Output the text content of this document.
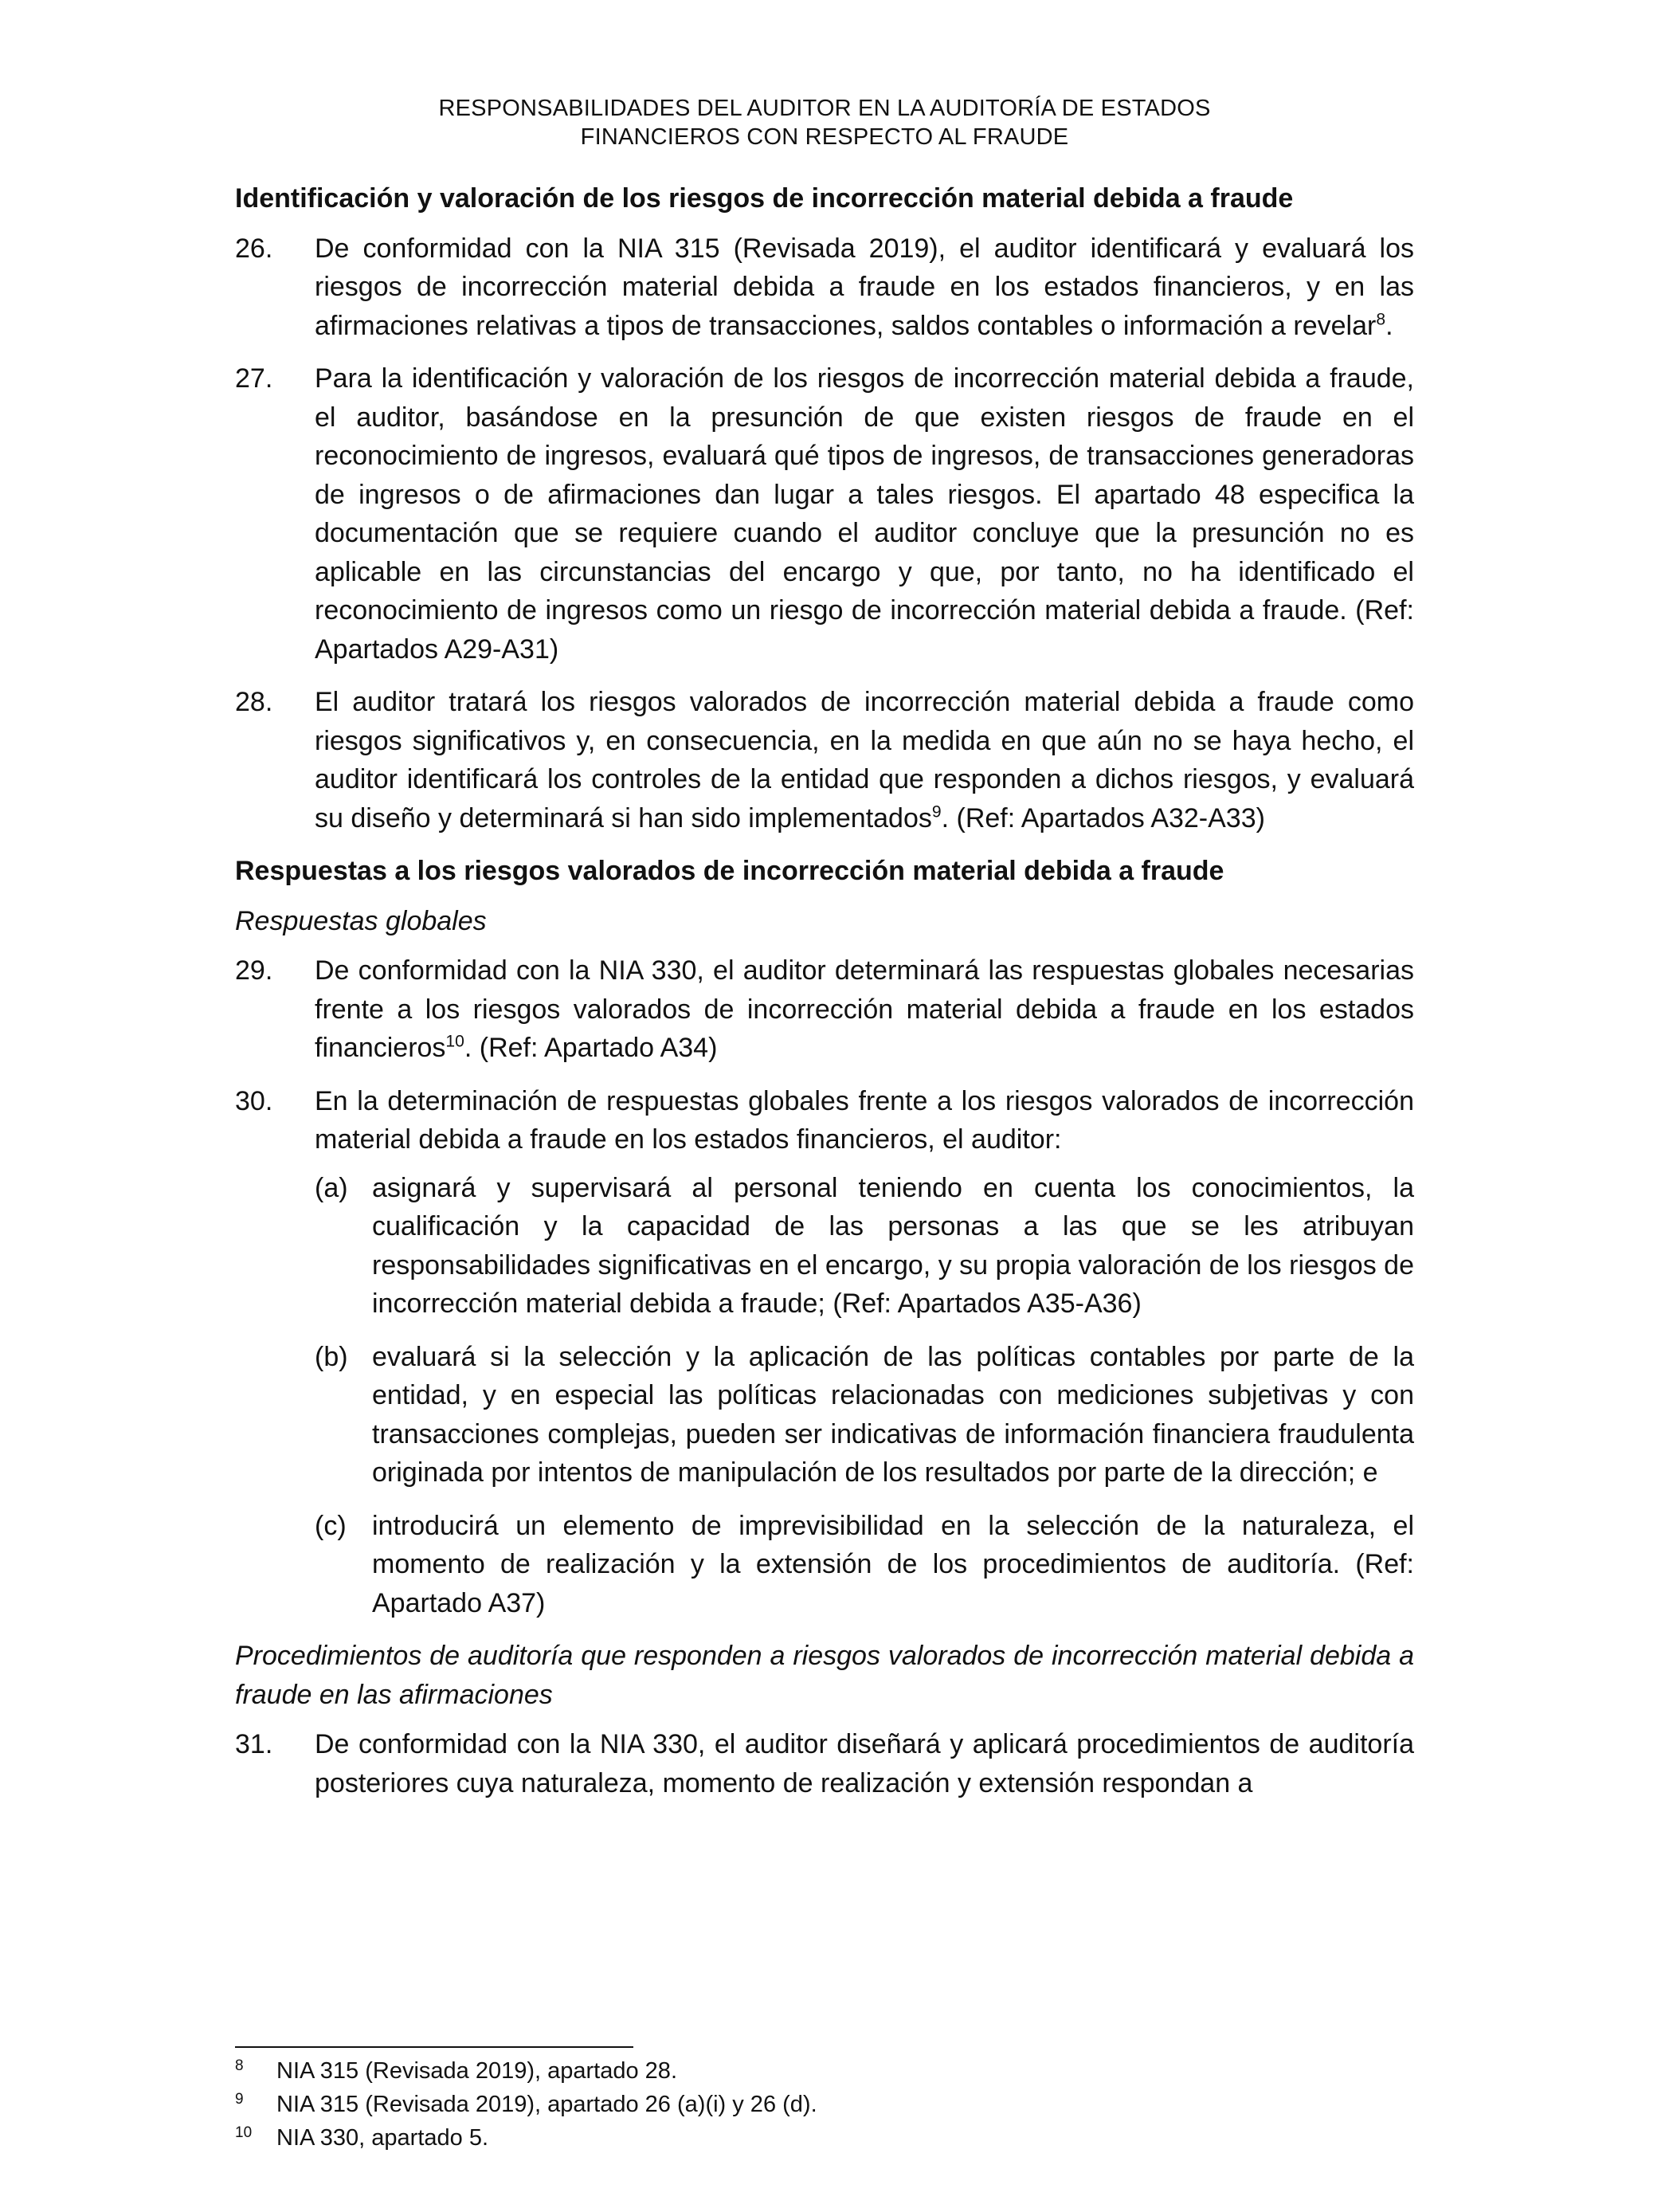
RESPONSABILIDADES DEL AUDITOR EN LA AUDITORÍA DE ESTADOS
FINANCIEROS CON RESPECTO AL FRAUDE
Identificación y valoración de los riesgos de incorrección material debida a fraude
26.	De conformidad con la NIA 315 (Revisada 2019), el auditor identificará y evaluará los riesgos de incorrección material debida a fraude en los estados financieros, y en las afirmaciones relativas a tipos de transacciones, saldos contables o información a revelar$^8$.
27.	Para la identificación y valoración de los riesgos de incorrección material debida a fraude, el auditor, basándose en la presunción de que existen riesgos de fraude en el reconocimiento de ingresos, evaluará qué tipos de ingresos, de transacciones generadoras de ingresos o de afirmaciones dan lugar a tales riesgos. El apartado 48 especifica la documentación que se requiere cuando el auditor concluye que la presunción no es aplicable en las circunstancias del encargo y que, por tanto, no ha identificado el reconocimiento de ingresos como un riesgo de incorrección material debida a fraude. (Ref: Apartados A29-A31)
28.	El auditor tratará los riesgos valorados de incorrección material debida a fraude como riesgos significativos y, en consecuencia, en la medida en que aún no se haya hecho, el auditor identificará los controles de la entidad que responden a dichos riesgos, y evaluará su diseño y determinará si han sido implementados$^9$. (Ref: Apartados A32-A33)
Respuestas a los riesgos valorados de incorrección material debida a fraude
Respuestas globales
29.	De conformidad con la NIA 330, el auditor determinará las respuestas globales necesarias frente a los riesgos valorados de incorrección material debida a fraude en los estados financieros$^{10}$. (Ref: Apartado A34)
30.	En la determinación de respuestas globales frente a los riesgos valorados de incorrección material debida a fraude en los estados financieros, el auditor:
(a) asignará y supervisará al personal teniendo en cuenta los conocimientos, la cualificación y la capacidad de las personas a las que se les atribuyan responsabilidades significativas en el encargo, y su propia valoración de los riesgos de incorrección material debida a fraude; (Ref: Apartados A35-A36)
(b) evaluará si la selección y la aplicación de las políticas contables por parte de la entidad, y en especial las políticas relacionadas con mediciones subjetivas y con transacciones complejas, pueden ser indicativas de información financiera fraudulenta originada por intentos de manipulación de los resultados por parte de la dirección; e
(c) introducirá un elemento de imprevisibilidad en la selección de la naturaleza, el momento de realización y la extensión de los procedimientos de auditoría. (Ref: Apartado A37)
Procedimientos de auditoría que responden a riesgos valorados de incorrección material debida a fraude en las afirmaciones
31.	De conformidad con la NIA 330, el auditor diseñará y aplicará procedimientos de auditoría posteriores cuya naturaleza, momento de realización y extensión respondan a
8	NIA 315 (Revisada 2019), apartado 28.
9	NIA 315 (Revisada 2019), apartado 26 (a)(i) y 26 (d).
10	NIA 330, apartado 5.
